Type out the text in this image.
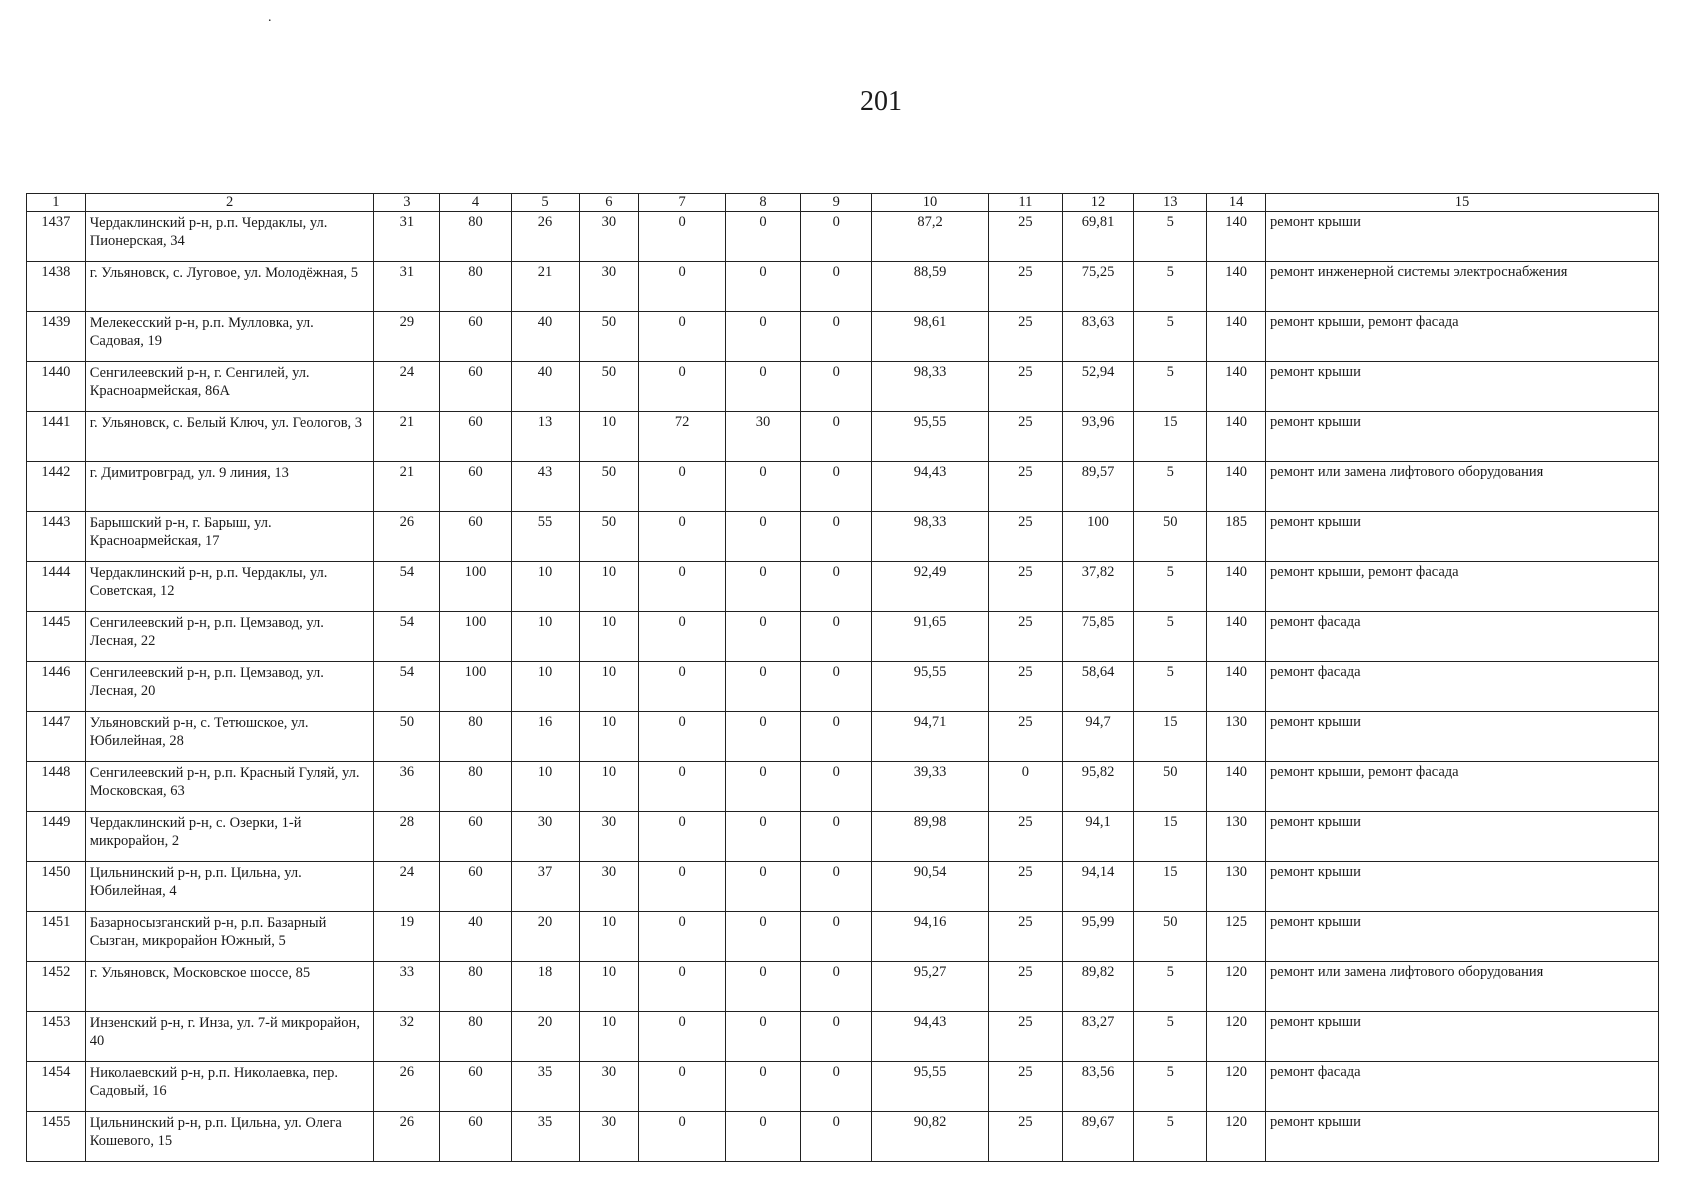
.
201
1	2	3	4	5	6	7	8	9	10	11	12	13	14	15
1437	Чердаклинский р-н, р.п. Чердаклы, ул. Пионерская, 34	31	80	26	30	0	0	0	87,2	25	69,81	5	140	ремонт крыши
1438	г. Ульяновск, с. Луговое, ул. Молодёжная, 5	31	80	21	30	0	0	0	88,59	25	75,25	5	140	ремонт инженерной системы электроснабжения
1439	Мелекесский р-н, р.п. Мулловка, ул. Садовая, 19	29	60	40	50	0	0	0	98,61	25	83,63	5	140	ремонт крыши, ремонт фасада
1440	Сенгилеевский р-н, г. Сенгилей, ул. Красноармейская, 86А	24	60	40	50	0	0	0	98,33	25	52,94	5	140	ремонт крыши
1441	г. Ульяновск, с. Белый Ключ, ул. Геологов, 3	21	60	13	10	72	30	0	95,55	25	93,96	15	140	ремонт крыши
1442	г. Димитровград, ул. 9 линия, 13	21	60	43	50	0	0	0	94,43	25	89,57	5	140	ремонт или замена лифтового оборудования
1443	Барышский р-н, г. Барыш, ул. Красноармейская, 17	26	60	55	50	0	0	0	98,33	25	100	50	185	ремонт крыши
1444	Чердаклинский р-н, р.п. Чердаклы, ул. Советская, 12	54	100	10	10	0	0	0	92,49	25	37,82	5	140	ремонт крыши, ремонт фасада
1445	Сенгилеевский р-н, р.п. Цемзавод, ул. Лесная, 22	54	100	10	10	0	0	0	91,65	25	75,85	5	140	ремонт фасада
1446	Сенгилеевский р-н, р.п. Цемзавод, ул. Лесная, 20	54	100	10	10	0	0	0	95,55	25	58,64	5	140	ремонт фасада
1447	Ульяновский р-н, с. Тетюшское, ул. Юбилейная, 28	50	80	16	10	0	0	0	94,71	25	94,7	15	130	ремонт крыши
1448	Сенгилеевский р-н, р.п. Красный Гуляй, ул. Московская, 63	36	80	10	10	0	0	0	39,33	0	95,82	50	140	ремонт крыши, ремонт фасада
1449	Чердаклинский р-н, с. Озерки, 1-й микрорайон, 2	28	60	30	30	0	0	0	89,98	25	94,1	15	130	ремонт крыши
1450	Цильнинский р-н, р.п. Цильна, ул. Юбилейная, 4	24	60	37	30	0	0	0	90,54	25	94,14	15	130	ремонт крыши
1451	Базарносызганский р-н, р.п. Базарный Сызган, микрорайон Южный, 5	19	40	20	10	0	0	0	94,16	25	95,99	50	125	ремонт крыши
1452	г. Ульяновск, Московское шоссе, 85	33	80	18	10	0	0	0	95,27	25	89,82	5	120	ремонт или замена лифтового оборудования
1453	Инзенский р-н, г. Инза, ул. 7-й микрорайон, 40	32	80	20	10	0	0	0	94,43	25	83,27	5	120	ремонт крыши
1454	Николаевский р-н, р.п. Николаевка, пер. Садовый, 16	26	60	35	30	0	0	0	95,55	25	83,56	5	120	ремонт фасада
1455	Цильнинский р-н, р.п. Цильна, ул. Олега Кошевого, 15	26	60	35	30	0	0	0	90,82	25	89,67	5	120	ремонт крыши
